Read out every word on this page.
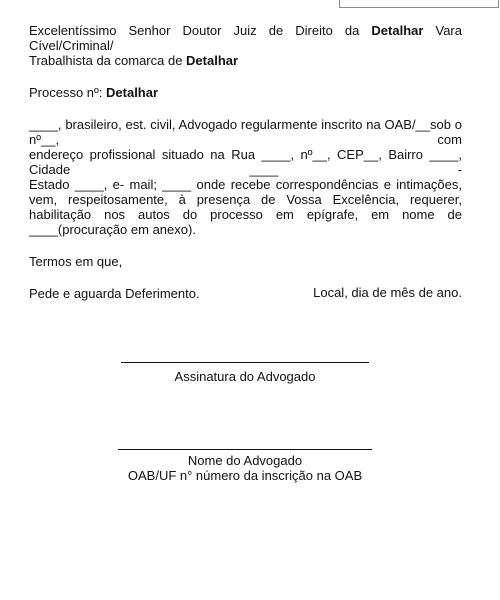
Excelentíssimo Senhor Doutor Juiz de Direito da Detalhar Vara Cível/Criminal/
Trabalhista da comarca de Detalhar

Processo nº: Detalhar

____, brasileiro, est. civil, Advogado regularmente inscrito na OAB/__sob o nº__, com
endereço profissional situado na Rua ____, nº__, CEP__, Bairro ____, Cidade ____ -
Estado ____, e- mail; ____ onde recebe correspondências e intimações, vem, respeitosamente, à presença de Vossa Excelência, requerer, habilitação nos autos do processo em epígrafe, em nome de ____(procuração em anexo).

Termos em que,

Pede e aguarda Deferimento.	Local, dia de mês de ano.
Assinatura do Advogado
Nome do Advogado
OAB/UF n° número da inscrição na OAB
